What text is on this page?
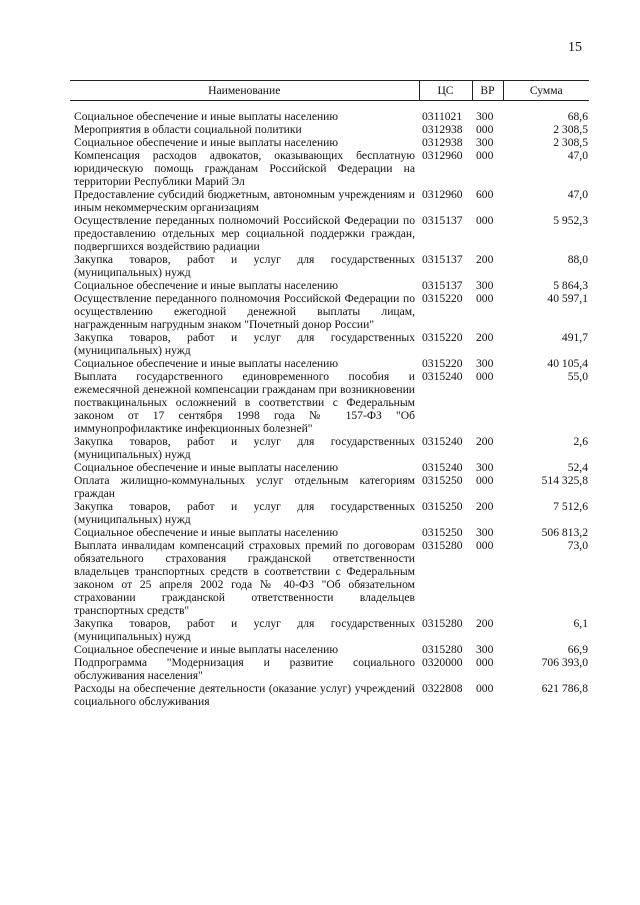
15
Наименование	ЦС	ВР	Сумма

Социальное обеспечение и иные выплаты населению	0311021	300	68,6
Мероприятия в области социальной политики	0312938	000	2 308,5
Социальное обеспечение и иные выплаты населению	0312938	300	2 308,5
Компенсация расходов адвокатов, оказывающих бесплатную юридическую помощь гражданам Российской Федерации на территории Республики Марий Эл	0312960	000	47,0
Предоставление субсидий бюджетным, автономным учреждениям и иным некоммерческим организациям	0312960	600	47,0
Осуществление переданных полномочий Российской Федерации по предоставлению отдельных мер социальной поддержки граждан, подвергшихся воздействию радиации	0315137	000	5 952,3
Закупка товаров, работ и услуг для государственных (муниципальных) нужд	0315137	200	88,0
Социальное обеспечение и иные выплаты населению	0315137	300	5 864,3
Осуществление переданного полномочия Российской Федерации по осуществлению ежегодной денежной выплаты лицам, награжденным нагрудным знаком "Почетный донор России"	0315220	000	40 597,1
Закупка товаров, работ и услуг для государственных (муниципальных) нужд	0315220	200	491,7
Социальное обеспечение и иные выплаты населению	0315220	300	40 105,4
Выплата государственного единовременного пособия и ежемесячной денежной компенсации гражданам при возникновении поствакцинальных осложнений в соответствии с Федеральным законом от 17 сентября 1998 года № 157-ФЗ "Об иммунопрофилактике инфекционных болезней"	0315240	000	55,0
Закупка товаров, работ и услуг для государственных (муниципальных) нужд	0315240	200	2,6
Социальное обеспечение и иные выплаты населению	0315240	300	52,4
Оплата жилищно-коммунальных услуг отдельным категориям граждан	0315250	000	514 325,8
Закупка товаров, работ и услуг для государственных (муниципальных) нужд	0315250	200	7 512,6
Социальное обеспечение и иные выплаты населению	0315250	300	506 813,2
Выплата инвалидам компенсаций страховых премий по договорам обязательного страхования гражданской ответственности владельцев транспортных средств в соответствии с Федеральным законом от 25 апреля 2002 года № 40-ФЗ "Об обязательном страховании гражданской ответственности владельцев транспортных средств"	0315280	000	73,0
Закупка товаров, работ и услуг для государственных (муниципальных) нужд	0315280	200	6,1
Социальное обеспечение и иные выплаты населению	0315280	300	66,9
Подпрограмма "Модернизация и развитие социального обслуживания населения"	0320000	000	706 393,0
Расходы на обеспечение деятельности (оказание услуг) учреждений социального обслуживания	0322808	000	621 786,8
